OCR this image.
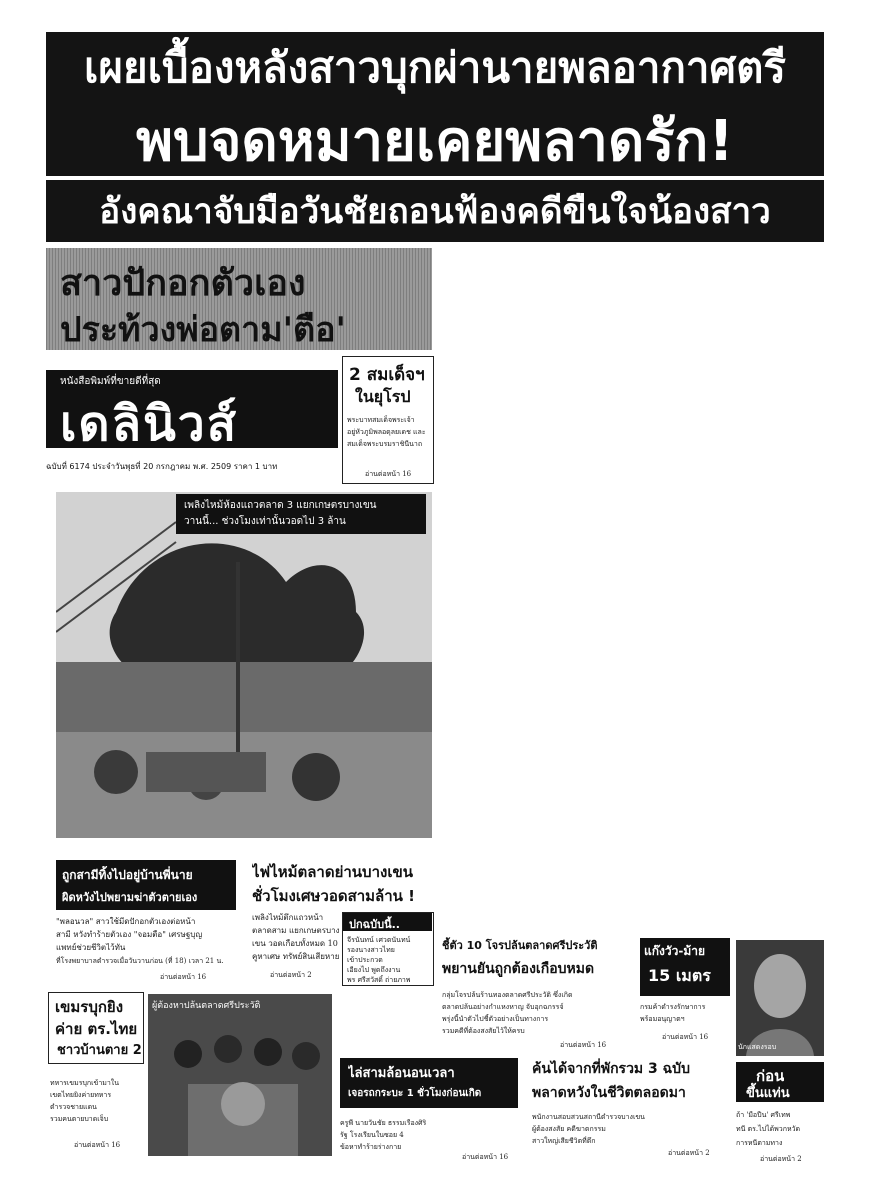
เผยเบื้องหลังสาวบุกผ่านายพลอากาศตรี
พบจดหมายเคยพลาดรัก!
อังคณาจับมือวันชัยถอนฟ้องคดีขืนใจน้องสาว
สาวปักอกตัวเอง
ประท้วงพ่อตาม'ตือ'
หนังสือพิมพ์ที่ขายดีที่สุด
เดลินิวส์
ฉบับที่ 6174 ประจำวันพุธที่ 20 กรกฎาคม พ.ศ. 2509 ราคา 1 บาท
2 สมเด็จฯ
ในยุโรป
พระบาทสมเด็จพระเจ้า
อยู่หัวภูมิพลอดุลยเดช และ
สมเด็จพระบรมราชินีนาถ
อ่านต่อหน้า 16
เพลิงไหม้ห้องแถวตลาด 3 แยกเกษตรบางเขน
วานนี้... ช่วงโมงเท่านั้นวอดไป 3 ล้าน
ถูกสามีทิ้งไปอยู่บ้านพี่นาย
ผิดหวังไปพยามฆ่าตัวตายเอง
"พลอนวล" สาวใช้มีดปักอกตัวเองต่อหน้า
สามี หวังทำร้ายตัวเอง "จอมตือ" เศรษฐบุญ
แพทย์ช่วยชีวิตไว้ทัน
ที่โรงพยาบาลตำรวจเมื่อวันวานก่อน (ที่ 18) เวลา 21 น.
อ่านต่อหน้า 16
ไฟไหม้ตลาดย่านบางเขน
ชั่วโมงเศษวอดสามล้าน !
เพลิงไหม้ตึกแถวหน้า
ตลาดสาม แยกเกษตรบาง
เขน วอดเกือบทั้งหมด 10
คูหาเศษ ทรัพย์สินเสียหาย
อ่านต่อหน้า 2
ปกฉบับนี้..
จีรนันทน์ เศวตนันทน์
รองนางสาวไทย
เข้าประกวด
เอียงไป พูดถึงงาน
พร ศรีสวัสดิ์ ถ่ายภาพ
เขมรบุกยิง
ค่าย ตร.ไทย
ชาวบ้านตาย 2
ทหารเขมรบุกเข้ามาใน
เขตไทยยิงค่ายทหาร
ตำรวจชายแดน
รวมคนตายบาดเจ็บ
อ่านต่อหน้า 16
ผู้ต้องหาปล้นตลาดศรีประวัติ
ชี้ตัว 10 โจรปล้นตลาดศรีประวัติ
พยานยันถูกต้องเกือบหมด
กลุ่มโจรปล้นร้านทองตลาดศรีประวัติ ซึ่งเกิด
ตลาดปล้นอย่างกำแหงหาญ จับอุกฉกรรจ์
พรุ่งนี้นำตัวไปชี้ตัวอย่างเป็นทางการ
รวมคดีที่ต้องสงสัยไว้ให้ครบ
อ่านต่อหน้า 16
แก๊งวัว-ม้าย
15 เมตร
กรมค้าดำรงรักษาการ
พร้อมอนุญาตฯ
อ่านต่อหน้า 16
นักแสดงรอบ
ไล่สามล้อนอนเวลา
เจอรถกระบะ 1 ชั่วโมงก่อนเกิด
ครูพี นายวันชัย ธรรมเรืองศิริ
รัฐ โรงเรียนในซอย 4
ข้อหาทำร้ายร่างกาย
อ่านต่อหน้า 16
ค้นได้จากที่พักรวม 3 ฉบับ
พลาดหวังในชีวิตตลอดมา
พนักงานสอบสวนสถานีตำรวจบางเขน
ผู้ต้องสงสัย คดีฆาตกรรม
สาวใหญ่เสียชีวิตที่ตึก
อ่านต่อหน้า 2
ก่อน
ขึ้นแท่น
ถ้า 'มือปืน' ศรีเทพ
ทนี ตร.ไปได้พวกหวัด
การหนีตามทาง
อ่านต่อหน้า 2
